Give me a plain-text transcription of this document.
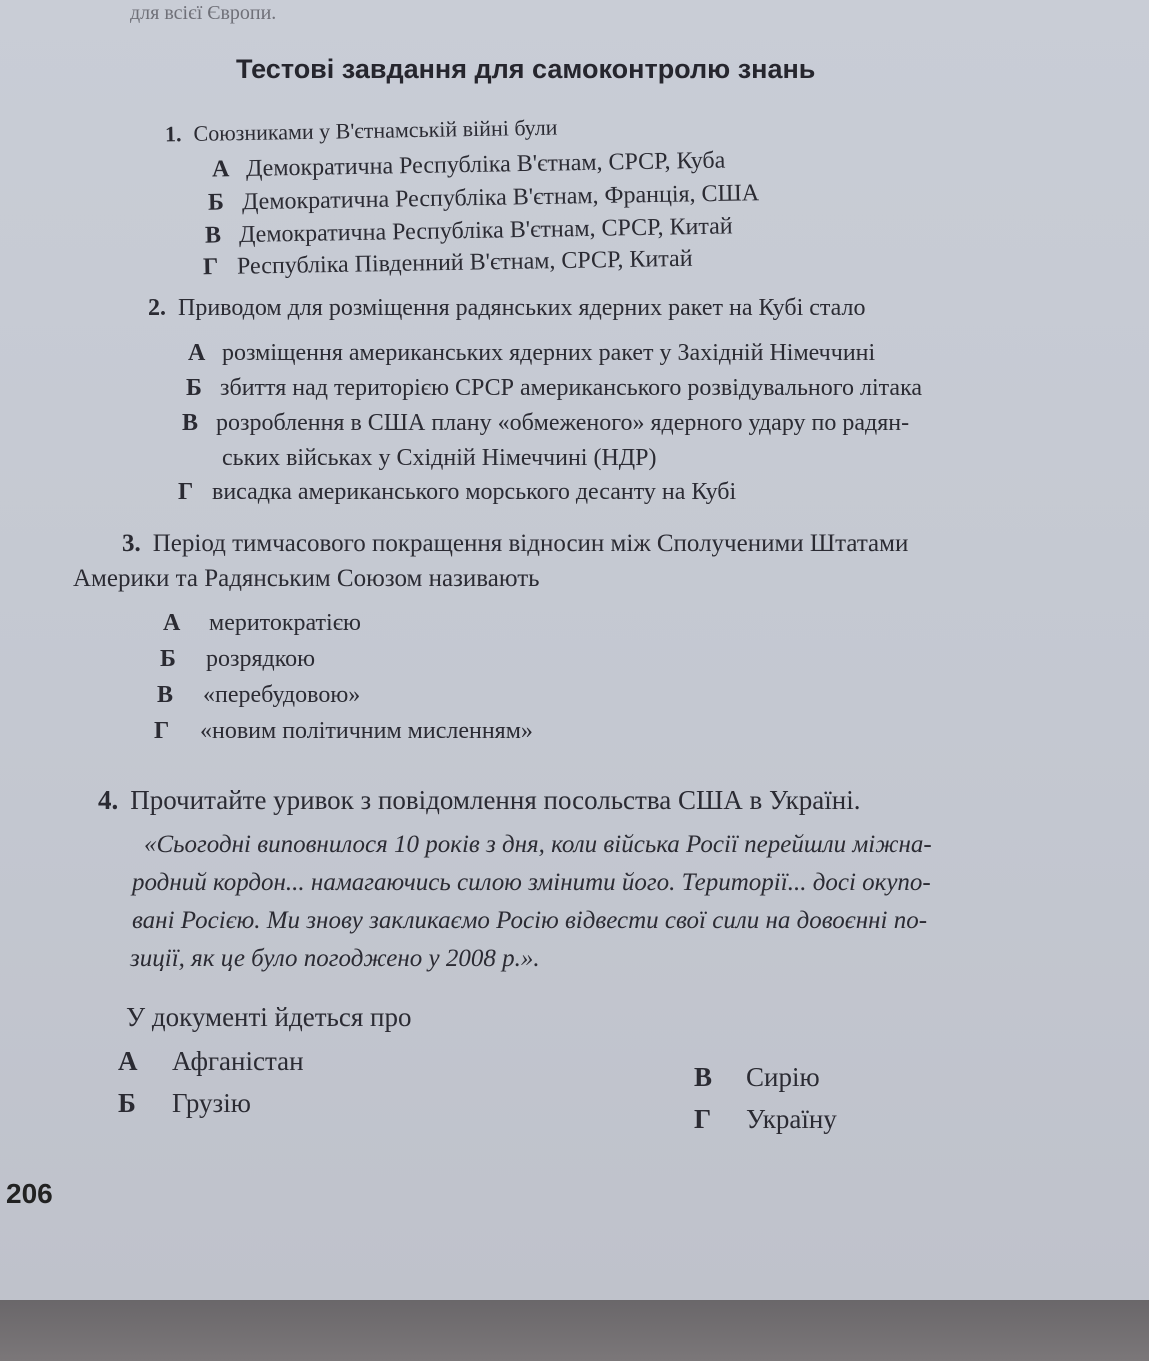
для всієї Європи.
Тестові завдання для самоконтролю знань
1. Союзниками у В'єтнамській війні були
А Демократична Республіка В'єтнам, СРСР, Куба
Б Демократична Республіка В'єтнам, Франція, США
В Демократична Республіка В'єтнам, СРСР, Китай
Г Республіка Південний В'єтнам, СРСР, Китай
2. Приводом для розміщення радянських ядерних ракет на Кубі стало
А розміщення американських ядерних ракет у Західній Німеччині
Б збиття над територією СРСР американського розвідувального літака
В розроблення в США плану «обмеженого» ядерного удару по радян-
ських військах у Східній Німеччині (НДР)
Г висадка американського морського десанту на Кубі
3. Період тимчасового покращення відносин між Сполученими Штатами
Америки та Радянським Союзом називають
А меритократією
Б розрядкою
В «перебудовою»
Г «новим політичним мисленням»
4. Прочитайте уривок з повідомлення посольства США в Україні.
«Сьогодні виповнилося 10 років з дня, коли війська Росії перейшли міжна-
родний кордон... намагаючись силою змінити його. Території... досі окупо-
вані Росією. Ми знову закликаємо Росію відвести свої сили на довоєнні по-
зиції, як це було погоджено у 2008 р.».
У документі йдеться про
А Афганістан
Б Грузію
В Сирію
Г Україну
206
